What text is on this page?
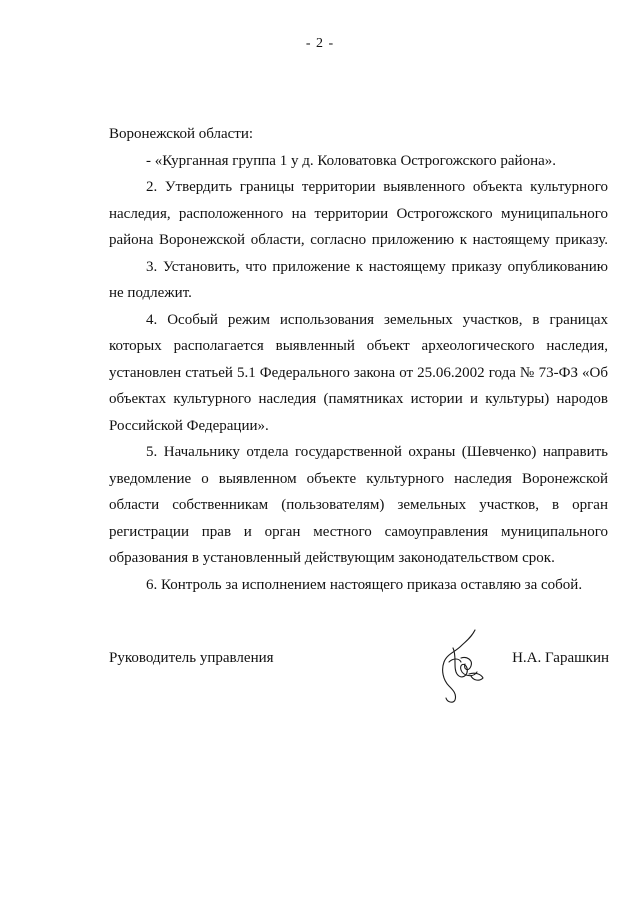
- 2 -
Воронежской области:
- «Курганная группа 1 у д. Коловатовка Острогожского района».
2. Утвердить границы территории выявленного объекта культурного
наследия, расположенного на территории Острогожского муниципального
района Воронежской области, согласно приложению к настоящему приказу.
3. Установить, что приложение к настоящему приказу опубликованию
не подлежит.
4. Особый режим использования земельных участков, в границах
которых располагается выявленный объект археологического наследия,
установлен статьей 5.1 Федерального закона от 25.06.2002 года № 73-ФЗ «Об
объектах культурного наследия (памятниках истории и культуры) народов
Российской Федерации».
5. Начальнику отдела государственной охраны (Шевченко) направить
уведомление о выявленном объекте культурного наследия Воронежской
области собственникам (пользователям) земельных участков, в орган
регистрации прав и орган местного самоуправления муниципального
образования в установленный действующим законодательством срок.
6. Контроль за исполнением настоящего приказа оставляю за собой.
Руководитель управления	Н.А. Гарашкин
